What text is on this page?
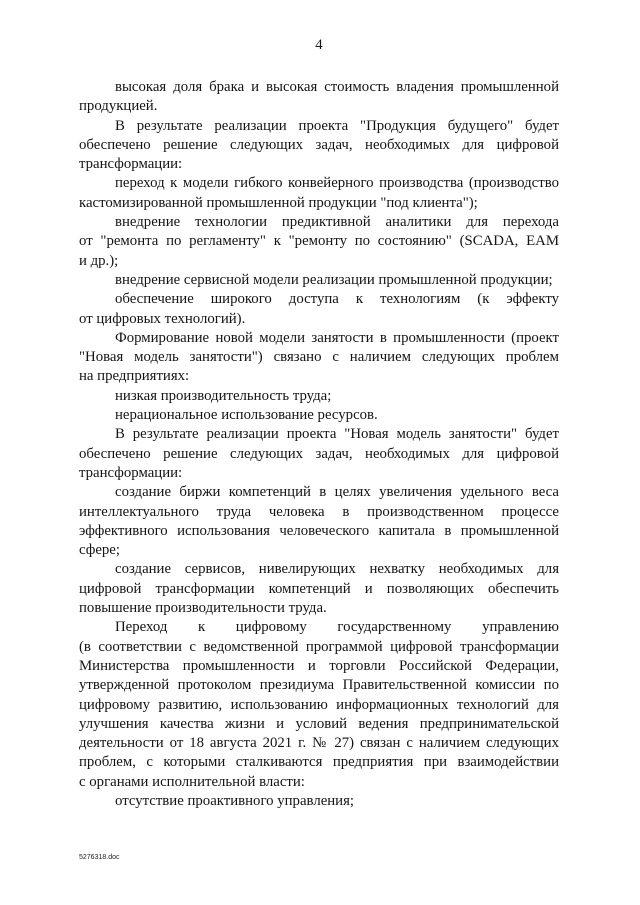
4
высокая доля брака и высокая стоимость владения промышленной
продукцией.
В результате реализации проекта "Продукция будущего" будет
обеспечено решение следующих задач, необходимых для цифровой
трансформации:
переход к модели гибкого конвейерного производства (производство
кастомизированной промышленной продукции "под клиента");
внедрение технологии предиктивной аналитики для перехода
от "ремонта по регламенту" к "ремонту по состоянию" (SCADA, EAM
и др.);
внедрение сервисной модели реализации промышленной продукции;
обеспечение широкого доступа к технологиям (к эффекту
от цифровых технологий).
Формирование новой модели занятости в промышленности (проект
"Новая модель занятости") связано с наличием следующих проблем
на предприятиях:
низкая производительность труда;
нерациональное использование ресурсов.
В результате реализации проекта "Новая модель занятости" будет
обеспечено решение следующих задач, необходимых для цифровой
трансформации:
создание биржи компетенций в целях увеличения удельного веса
интеллектуального труда человека в производственном процессе
эффективного использования человеческого капитала в промышленной
сфере;
создание сервисов, нивелирующих нехватку необходимых для
цифровой трансформации компетенций и позволяющих обеспечить
повышение производительности труда.
Переход к цифровому государственному управлению
(в соответствии с ведомственной программой цифровой трансформации
Министерства промышленности и торговли Российской Федерации,
утвержденной протоколом президиума Правительственной комиссии по
цифровому развитию, использованию информационных технологий для
улучшения качества жизни и условий ведения предпринимательской
деятельности от 18 августа 2021 г. № 27) связан с наличием следующих
проблем, с которыми сталкиваются предприятия при взаимодействии
с органами исполнительной власти:
отсутствие проактивного управления;
5276318.doc
